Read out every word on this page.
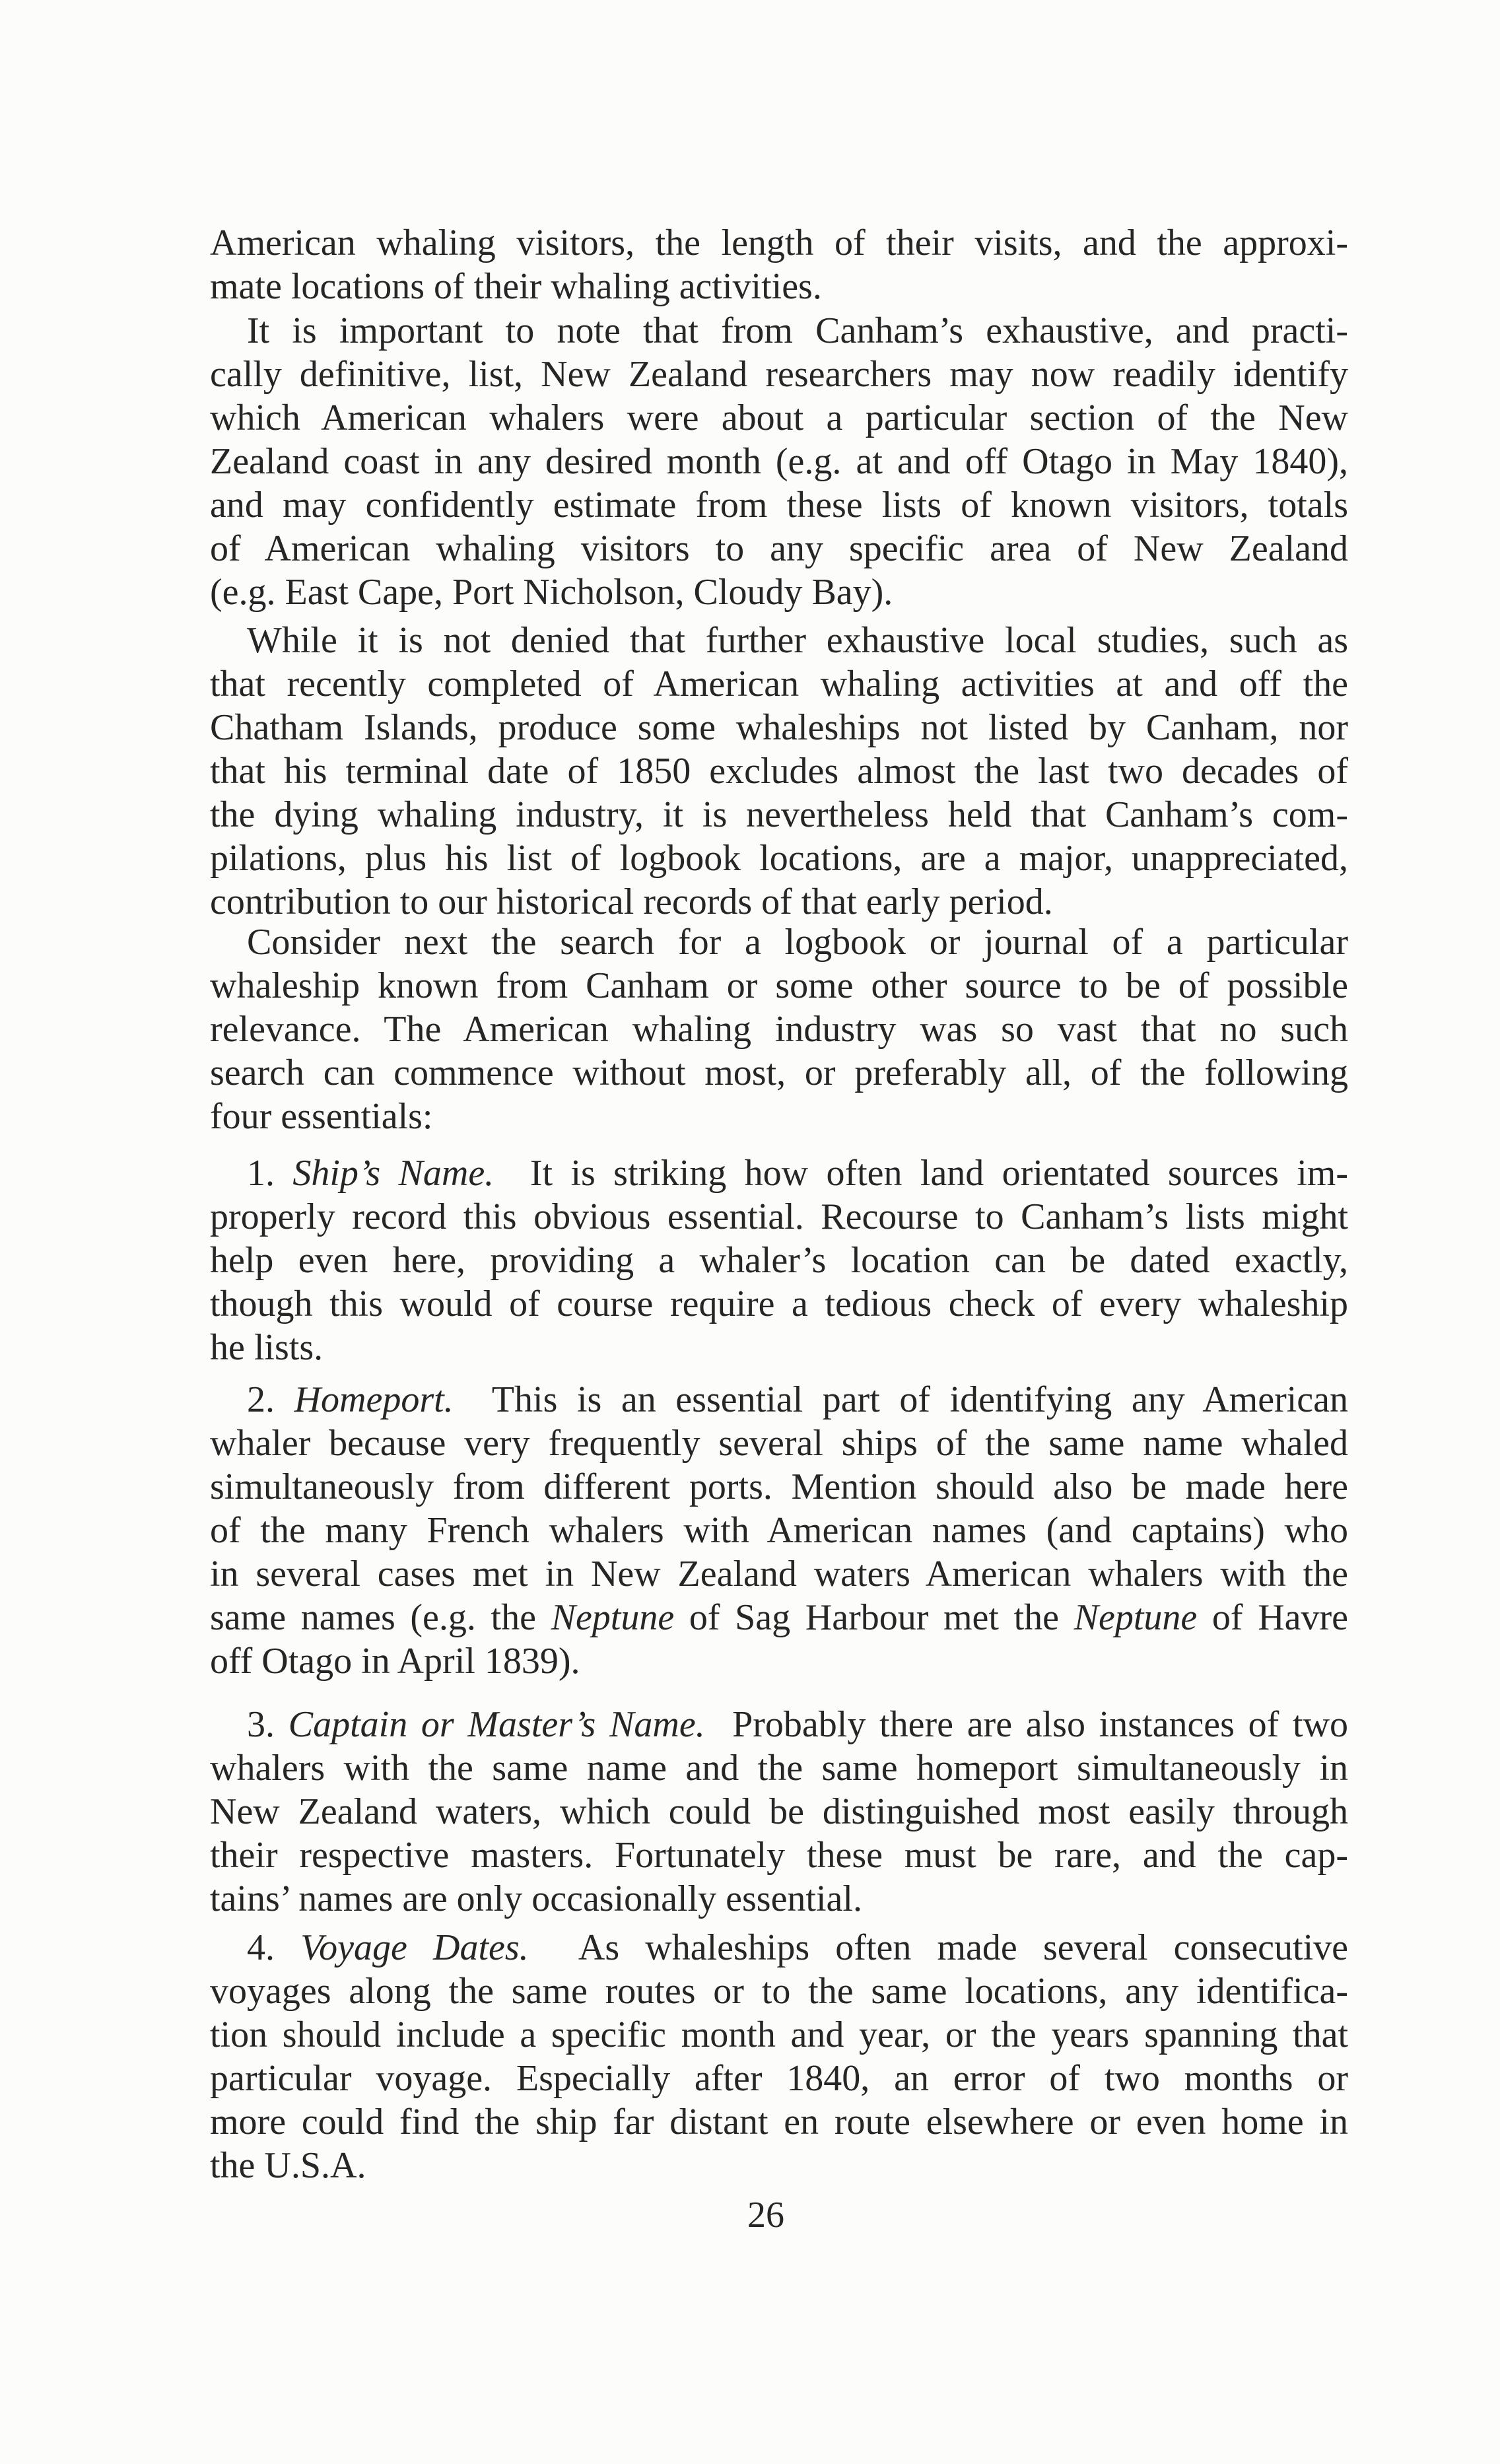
American whaling visitors, the length of their visits, and the approxi-
mate locations of their whaling activities.
It is important to note that from Canham’s exhaustive, and practi-
cally definitive, list, New Zealand researchers may now readily identify
which American whalers were about a particular section of the New
Zealand coast in any desired month (e.g. at and off Otago in May 1840),
and may confidently estimate from these lists of known visitors, totals
of American whaling visitors to any specific area of New Zealand
(e.g. East Cape, Port Nicholson, Cloudy Bay).
While it is not denied that further exhaustive local studies, such as
that recently completed of American whaling activities at and off the
Chatham Islands, produce some whaleships not listed by Canham, nor
that his terminal date of 1850 excludes almost the last two decades of
the dying whaling industry, it is nevertheless held that Canham’s com-
pilations, plus his list of logbook locations, are a major, unappreciated,
contribution to our historical records of that early period.
Consider next the search for a logbook or journal of a particular
whaleship known from Canham or some other source to be of possible
relevance. The American whaling industry was so vast that no such
search can commence without most, or preferably all, of the following
four essentials:
1. Ship’s Name.  It is striking how often land orientated sources im-
properly record this obvious essential. Recourse to Canham’s lists might
help even here, providing a whaler’s location can be dated exactly,
though this would of course require a tedious check of every whaleship
he lists.
2. Homeport.  This is an essential part of identifying any American
whaler because very frequently several ships of the same name whaled
simultaneously from different ports. Mention should also be made here
of the many French whalers with American names (and captains) who
in several cases met in New Zealand waters American whalers with the
same names (e.g. the Neptune of Sag Harbour met the Neptune of Havre
off Otago in April 1839).
3. Captain or Master’s Name.  Probably there are also instances of two
whalers with the same name and the same homeport simultaneously in
New Zealand waters, which could be distinguished most easily through
their respective masters. Fortunately these must be rare, and the cap-
tains’ names are only occasionally essential.
4. Voyage Dates.  As whaleships often made several consecutive
voyages along the same routes or to the same locations, any identifica-
tion should include a specific month and year, or the years spanning that
particular voyage. Especially after 1840, an error of two months or
more could find the ship far distant en route elsewhere or even home in
the U.S.A.
26
